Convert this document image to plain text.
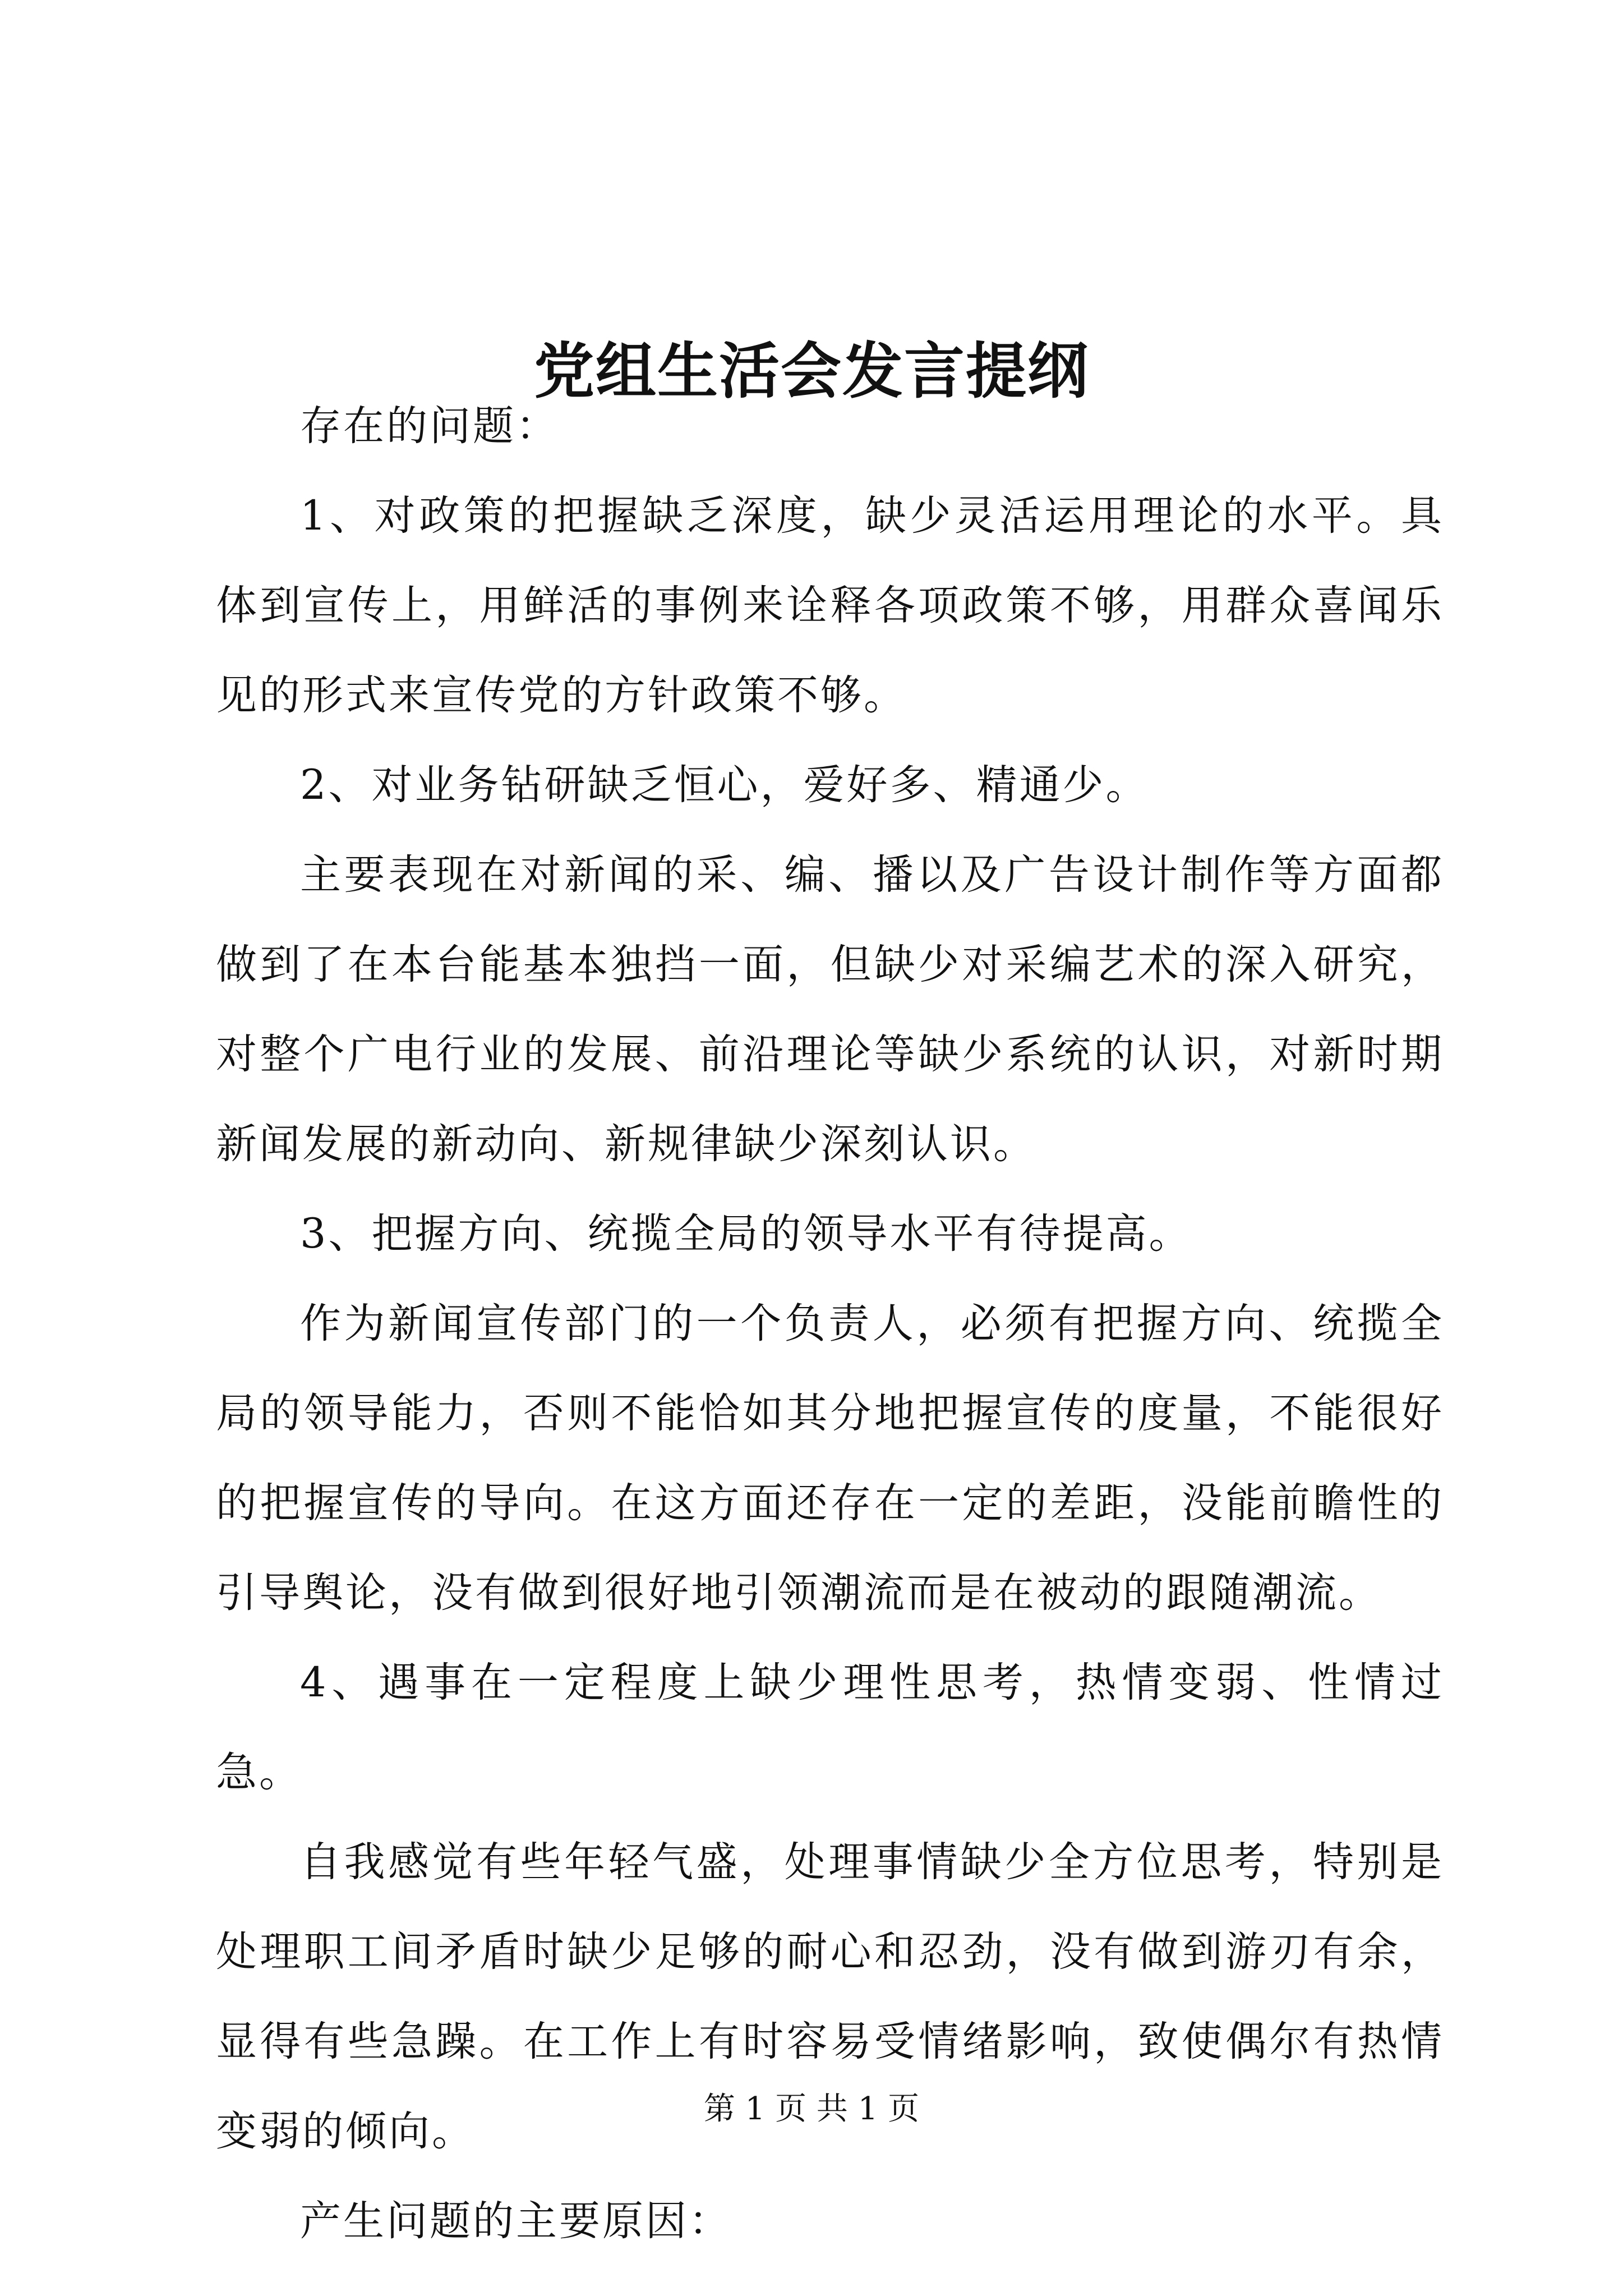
党组生活会发言提纲

存在的问题：

1、对政策的把握缺乏深度，缺少灵活运用理论的水平。具体到宣传上，用鲜活的事例来诠释各项政策不够，用群众喜闻乐见的形式来宣传党的方针政策不够。

2、对业务钻研缺乏恒心，爱好多、精通少。

主要表现在对新闻的采、编、播以及广告设计制作等方面都做到了在本台能基本独挡一面，但缺少对采编艺术的深入研究，对整个广电行业的发展、前沿理论等缺少系统的认识，对新时期新闻发展的新动向、新规律缺少深刻认识。

3、把握方向、统揽全局的领导水平有待提高。

作为新闻宣传部门的一个负责人，必须有把握方向、统揽全局的领导能力，否则不能恰如其分地把握宣传的度量，不能很好的把握宣传的导向。在这方面还存在一定的差距，没能前瞻性的引导舆论，没有做到很好地引领潮流而是在被动的跟随潮流。

4、遇事在一定程度上缺少理性思考，热情变弱、性情过急。

自我感觉有些年轻气盛，处理事情缺少全方位思考，特别是处理职工间矛盾时缺少足够的耐心和忍劲，没有做到游刃有余，显得有些急躁。在工作上有时容易受情绪影响，致使偶尔有热情变弱的倾向。

产生问题的主要原因：

第 1 页 共 1 页
